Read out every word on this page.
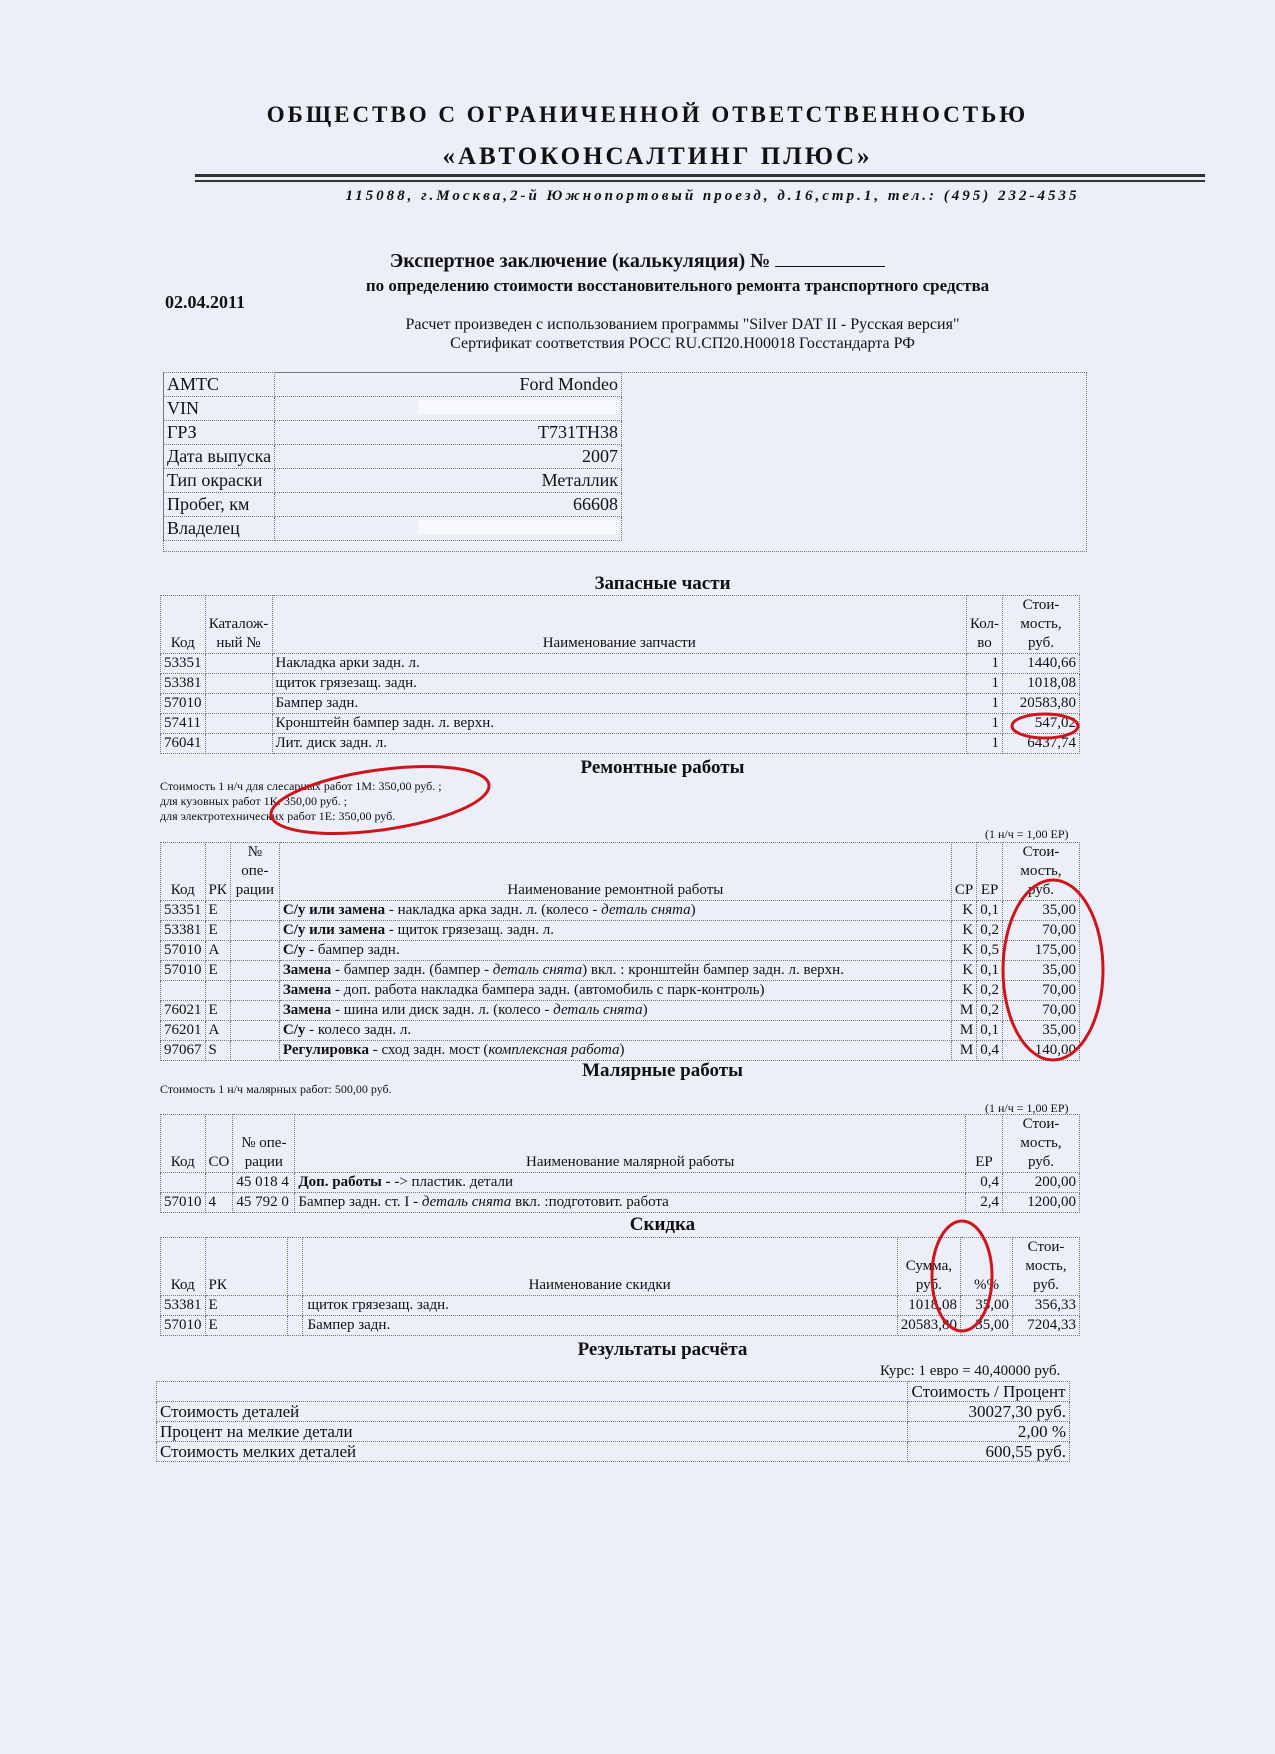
ОБЩЕСТВО С ОГРАНИЧЕННОЙ ОТВЕТСТВЕННОСТЬЮ
«АВТОКОНСАЛТИНГ ПЛЮС»
115088, г.Москва,2-й Южнопортовый проезд, д.16,стр.1, тел.: (495) 232-4535
Экспертное заключение (калькуляция) №
по определению стоимости восстановительного ремонта транспортного средства
02.04.2011
Расчет произведен с использованием программы "Silver DAT II - Русская версия"
Сертификат соответствия РОСС RU.СП20.Н00018 Госстандарта РФ
АМТС	Ford Mondeo
VIN	
ГРЗ	Т731ТН38
Дата выпуска	2007
Тип окраски	Металлик
Пробег, км	66608
Владелец	
Запасные части
Код	Каталож-ный №	Наименование запчасти	Кол-во	Стои-мость, руб.
53351		Накладка арки задн. л.	1	1440,66
53381		щиток грязезащ. задн.	1	1018,08
57010		Бампер задн.	1	20583,80
57411		Кронштейн бампер задн. л. верхн.	1	547,02
76041		Лит. диск задн. л.	1	6437,74
Ремонтные работы
Стоимость 1 н/ч для слесарных работ 1М: 350,00 руб. ;
для кузовных работ 1К: 350,00 руб. ;
для электротехнических работ 1Е: 350,00 руб.
(1 н/ч = 1,00 ЕР)
Код	РК	№ опе-рации	Наименование ремонтной работы	СР	ЕР	Стои-мость, руб.
53351	E		С/у или замена - накладка арка задн. л. (колесо - деталь снята)	K	0,1	35,00
53381	E		С/у или замена - щиток грязезащ. задн. л.	K	0,2	70,00
57010	A		С/у - бампер задн.	K	0,5	175,00
57010	E		Замена - бампер задн. (бампер - деталь снята) вкл. : кронштейн бампер задн. л. верхн.	K	0,1	35,00
			Замена - доп. работа накладка бампера задн. (автомобиль с парк-контроль)	K	0,2	70,00
76021	E		Замена - шина или диск задн. л. (колесо - деталь снята)	M	0,2	70,00
76201	A		С/у - колесо задн. л.	M	0,1	35,00
97067	S		Регулировка - сход задн. мост (комплексная работа)	M	0,4	140,00
Малярные работы
Стоимость 1 н/ч малярных работ: 500,00 руб.
(1 н/ч = 1,00 ЕР)
Код	СО	№ опе-рации	Наименование малярной работы	ЕР	Стои-мость, руб.
		45 018 4	Доп. работы - -> пластик. детали	0,4	200,00
57010	4	45 792 0	Бампер задн. ст. I - деталь снята вкл. :подготовит. работа	2,4	1200,00
Скидка
Код	РК		Наименование скидки	Сумма, руб.	%%	Стои-мость, руб.
53381	E		щиток грязезащ. задн.	1018,08	35,00	356,33
57010	E		Бампер задн.	20583,80	35,00	7204,33
Результаты расчёта
Курс: 1 евро = 40,40000 руб.
	Стоимость / Процент
Стоимость деталей	30027,30 руб.
Процент на мелкие детали	2,00 %
Стоимость мелких деталей	600,55 руб.
